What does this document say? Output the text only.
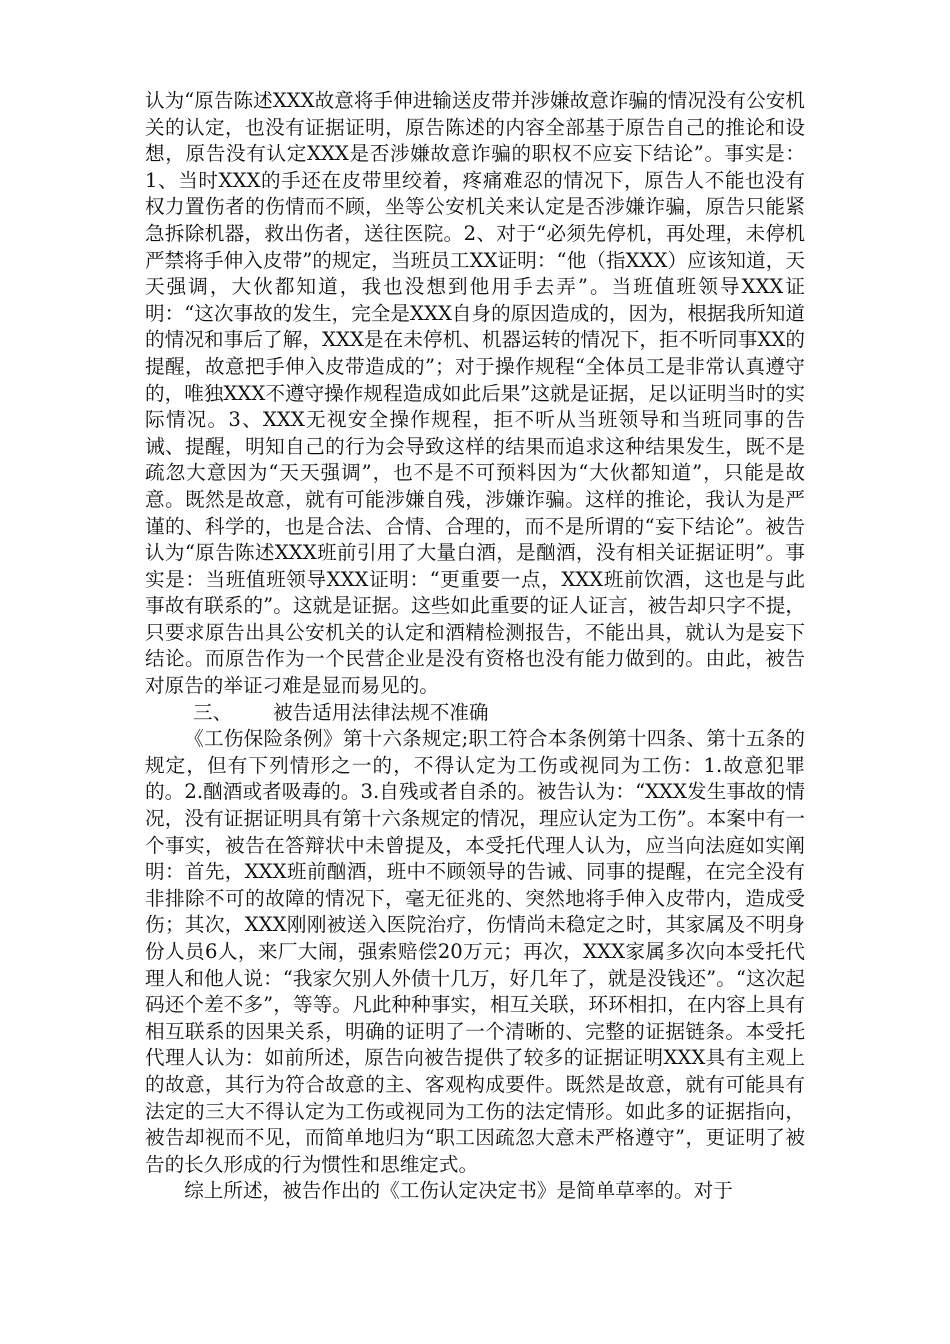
认为“原告陈述XXX故意将手伸进输送皮带并涉嫌故意诈骗的情况没有公安机关的认定，也没有证据证明，原告陈述的内容全部基于原告自己的推论和设想，原告没有认定XXX是否涉嫌故意诈骗的职权不应妄下结论”。事实是：1、当时XXX的手还在皮带里绞着，疼痛难忍的情况下，原告人不能也没有权力置伤者的伤情而不顾，坐等公安机关来认定是否涉嫌诈骗，原告只能紧急拆除机器，救出伤者，送往医院。2、对于“必须先停机，再处理，未停机严禁将手伸入皮带”的规定，当班员工XX证明：“他（指XXX）应该知道，天天强调，大伙都知道，我也没想到他用手去弄”。当班值班领导XXX证明：“这次事故的发生，完全是XXX自身的原因造成的，因为，根据我所知道的情况和事后了解，XXX是在未停机、机器运转的情况下，拒不听同事XX的提醒，故意把手伸入皮带造成的”；对于操作规程“全体员工是非常认真遵守的，唯独XXX不遵守操作规程造成如此后果”这就是证据，足以证明当时的实际情况。3、XXX无视安全操作规程，拒不听从当班领导和当班同事的告诫、提醒，明知自己的行为会导致这样的结果而追求这种结果发生，既不是疏忽大意因为“天天强调”，也不是不可预料因为“大伙都知道”，只能是故意。既然是故意，就有可能涉嫌自残，涉嫌诈骗。这样的推论，我认为是严谨的、科学的，也是合法、合情、合理的，而不是所谓的“妄下结论”。被告认为“原告陈述XXX班前引用了大量白酒，是酗酒，没有相关证据证明”。事实是：当班值班领导XXX证明：“更重要一点，XXX班前饮酒，这也是与此事故有联系的”。这就是证据。这些如此重要的证人证言，被告却只字不提，只要求原告出具公安机关的认定和酒精检测报告，不能出具，就认为是妄下结论。而原告作为一个民营企业是没有资格也没有能力做到的。由此，被告对原告的举证刁难是显而易见的。

三、 被告适用法律法规不准确

《工伤保险条例》第十六条规定;职工符合本条例第十四条、第十五条的规定，但有下列情形之一的，不得认定为工伤或视同为工伤：1.故意犯罪的。2.酗酒或者吸毒的。3.自残或者自杀的。被告认为：“XXX发生事故的情况，没有证据证明具有第十六条规定的情况，理应认定为工伤”。本案中有一个事实，被告在答辩状中未曾提及，本受托代理人认为，应当向法庭如实阐明：首先，XXX班前酗酒，班中不顾领导的告诫、同事的提醒，在完全没有非排除不可的故障的情况下，毫无征兆的、突然地将手伸入皮带内，造成受伤；其次，XXX刚刚被送入医院治疗，伤情尚未稳定之时，其家属及不明身份人员6人，来厂大闹，强索赔偿20万元；再次，XXX家属多次向本受托代理人和他人说：“我家欠别人外债十几万，好几年了，就是没钱还”。“这次起码还个差不多”，等等。凡此种种事实，相互关联，环环相扣，在内容上具有相互联系的因果关系，明确的证明了一个清晰的、完整的证据链条。本受托代理人认为：如前所述，原告向被告提供了较多的证据证明XXX具有主观上的故意，其行为符合故意的主、客观构成要件。既然是故意，就有可能具有法定的三大不得认定为工伤或视同为工伤的法定情形。如此多的证据指向，被告却视而不见，而简单地归为“职工因疏忽大意未严格遵守”，更证明了被告的长久形成的行为惯性和思维定式。

综上所述，被告作出的《工伤认定决定书》是简单草率的。对于
